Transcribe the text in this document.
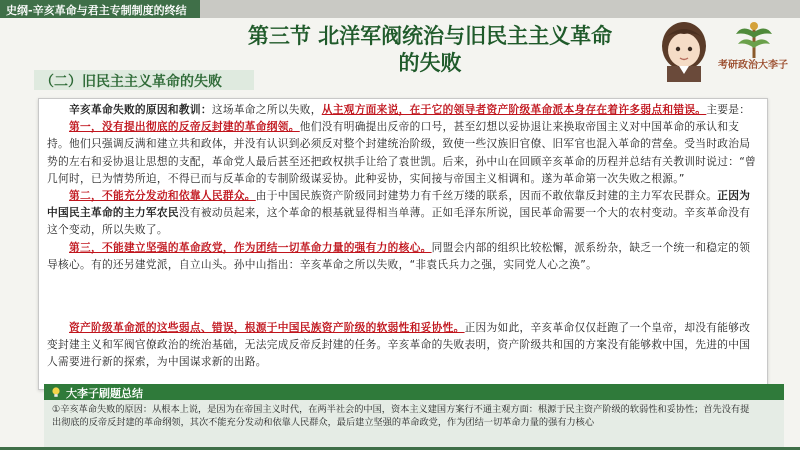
史纲-辛亥革命与君主专制制度的终结
第三节 北洋军阀统治与旧民主主义革命的失败
（二）旧民主主义革命的失败
考研政治大李子
辛亥革命失败的原因和教训：这场革命之所以失败，从主观方面来说，在于它的领导者资产阶级革命派本身存在着许多弱点和错误。主要是：
第一，没有提出彻底的反帝反封建的革命纲领。他们没有明确提出反帝的口号，甚至幻想以妥协退让来换取帝国主义对中国革命的承认和支持。他们只强调反满和建立共和政体，并没有认识到必须反对整个封建统治阶级，致使一些汉族旧官僚、旧军官也混入革命的营垒。受当时政治局势的左右和妥协退让思想的支配，革命党人最后甚至还把政权拱手让给了袁世凯。后来，孙中山在回顾辛亥革命的历程并总结有关教训时说过：“曾几何时，已为情势所迫，不得已而与反革命的专制阶级谋妥协。此种妥协，实间接与帝国主义相调和。遂为革命第一次失败之根源。”
第二，不能充分发动和依靠人民群众。由于中国民族资产阶级同封建势力有千丝万缕的联系，因而不敢依靠反封建的主力军农民群众。正因为中国民主革命的主力军农民没有被动员起来，这个革命的根基就显得相当单薄。正如毛泽东所说，国民革命需要一个大的农村变动。辛亥革命没有这个变动，所以失败了。
第三，不能建立坚强的革命政党，作为团结一切革命力量的强有力的核心。同盟会内部的组织比较松懈，派系纷杂，缺乏一个统一和稳定的领导核心。有的还另建党派，自立山头。孙中山指出：辛亥革命之所以失败，“非袁氏兵力之强，实同党人心之涣”。
资产阶级革命派的这些弱点、错误，根源于中国民族资产阶级的软弱性和妥协性。正因为如此，辛亥革命仅仅赶跑了一个皇帝，却没有能够改变封建主义和军阀官僚政治的统治基础，无法完成反帝反封建的任务。辛亥革命的失败表明，资产阶级共和国的方案没有能够救中国，先进的中国人需要进行新的探索，为中国谋求新的出路。
大李子刷题总结
①辛亥革命失败的原因：从根本上说，是因为在帝国主义时代，在两半社会的中国，资本主义建国方案行不通主观方面：根源于民主资产阶级的软弱性和妥协性；首先没有提出彻底的反帝反封建的革命纲领，其次不能充分发动和依靠人民群众，最后建立坚强的革命政党，作为团结一切革命力量的强有力核心
